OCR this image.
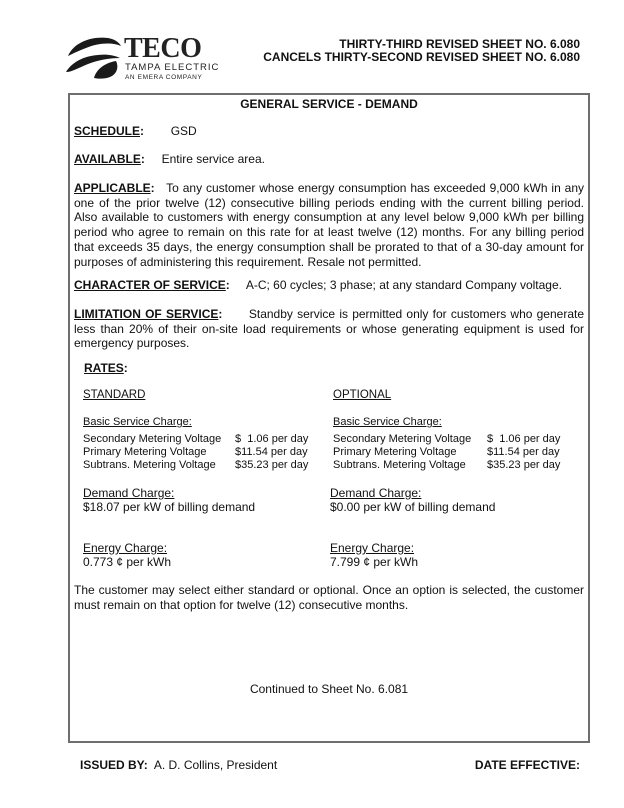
TECO
TAMPA ELECTRIC
AN EMERA COMPANY
THIRTY-THIRD REVISED SHEET NO. 6.080
CANCELS THIRTY-SECOND REVISED SHEET NO. 6.080
GENERAL SERVICE - DEMAND
SCHEDULE: GSD
AVAILABLE: Entire service area.
APPLICABLE: To any customer whose energy consumption has exceeded 9,000 kWh in any one of the prior twelve (12) consecutive billing periods ending with the current billing period. Also available to customers with energy consumption at any level below 9,000 kWh per billing period who agree to remain on this rate for at least twelve (12) months. For any billing period that exceeds 35 days, the energy consumption shall be prorated to that of a 30-day amount for purposes of administering this requirement. Resale not permitted.
CHARACTER OF SERVICE: A-C; 60 cycles; 3 phase; at any standard Company voltage.
LIMITATION OF SERVICE: Standby service is permitted only for customers who generate less than 20% of their on-site load requirements or whose generating equipment is used for emergency purposes.
RATES:
STANDARD
Basic Service Charge:
Secondary Metering Voltage	$  1.06 per day
Primary Metering Voltage	$11.54 per day
Subtrans. Metering Voltage	$35.23 per day
Demand Charge:
$18.07 per kW of billing demand
Energy Charge:
0.773 ¢ per kWh
OPTIONAL
Basic Service Charge:
Secondary Metering Voltage	$  1.06 per day
Primary Metering Voltage	$11.54 per day
Subtrans. Metering Voltage	$35.23 per day
Demand Charge:
$0.00 per kW of billing demand
Energy Charge:
7.799 ¢ per kWh
The customer may select either standard or optional. Once an option is selected, the customer must remain on that option for twelve (12) consecutive months.
Continued to Sheet No. 6.081
ISSUED BY: A. D. Collins, President	DATE EFFECTIVE:
